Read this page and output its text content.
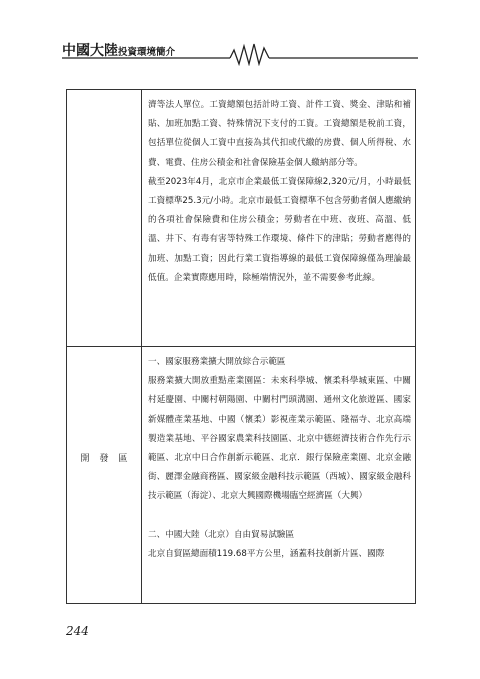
中國大陸投資環境簡介

濟等法人單位。工資總額包括計時工資、計件工資、獎金、津貼和補貼、加班加點工資、特殊情況下支付的工資。工資總額是稅前工資，包括單位從個人工資中直接為其代扣或代繳的房費、個人所得稅、水費、電費、住房公積金和社會保險基金個人繳納部分等。

截至2023年4月，北京市企業最低工資保障線2,320元/月，小時最低工資標準25.3元/小時。北京市最低工資標準不包含勞動者個人應繳納的各項社會保險費和住房公積金；勞動者在中班、夜班、高溫、低溫、井下、有毒有害等特殊工作環境、條件下的津貼；勞動者應得的加班、加點工資；因此行業工資指導線的最低工資保障線僅為理論最低值。企業實際應用時，除極端情況外，並不需要參考此線。

開發區

一、國家服務業擴大開放綜合示範區

服務業擴大開放重點產業園區：未來科學城、懷柔科學城東區、中關村延慶園、中關村朝陽園、中關村門頭溝園、通州文化旅遊區、國家新媒體產業基地、中國（懷柔）影視產業示範區、隆福寺、北京高端製造業基地、平谷國家農業科技園區、北京中德經濟技術合作先行示範區、北京中日合作創新示範區、北京．銀行保險產業園、北京金融街、麗澤金融商務區、國家級金融科技示範區（西城）、國家級金融科技示範區（海淀）、北京大興國際機場臨空經濟區（大興）

二、中國大陸（北京）自由貿易試驗區

北京自貿區總面積119.68平方公里，涵蓋科技創新片區、國際

244
